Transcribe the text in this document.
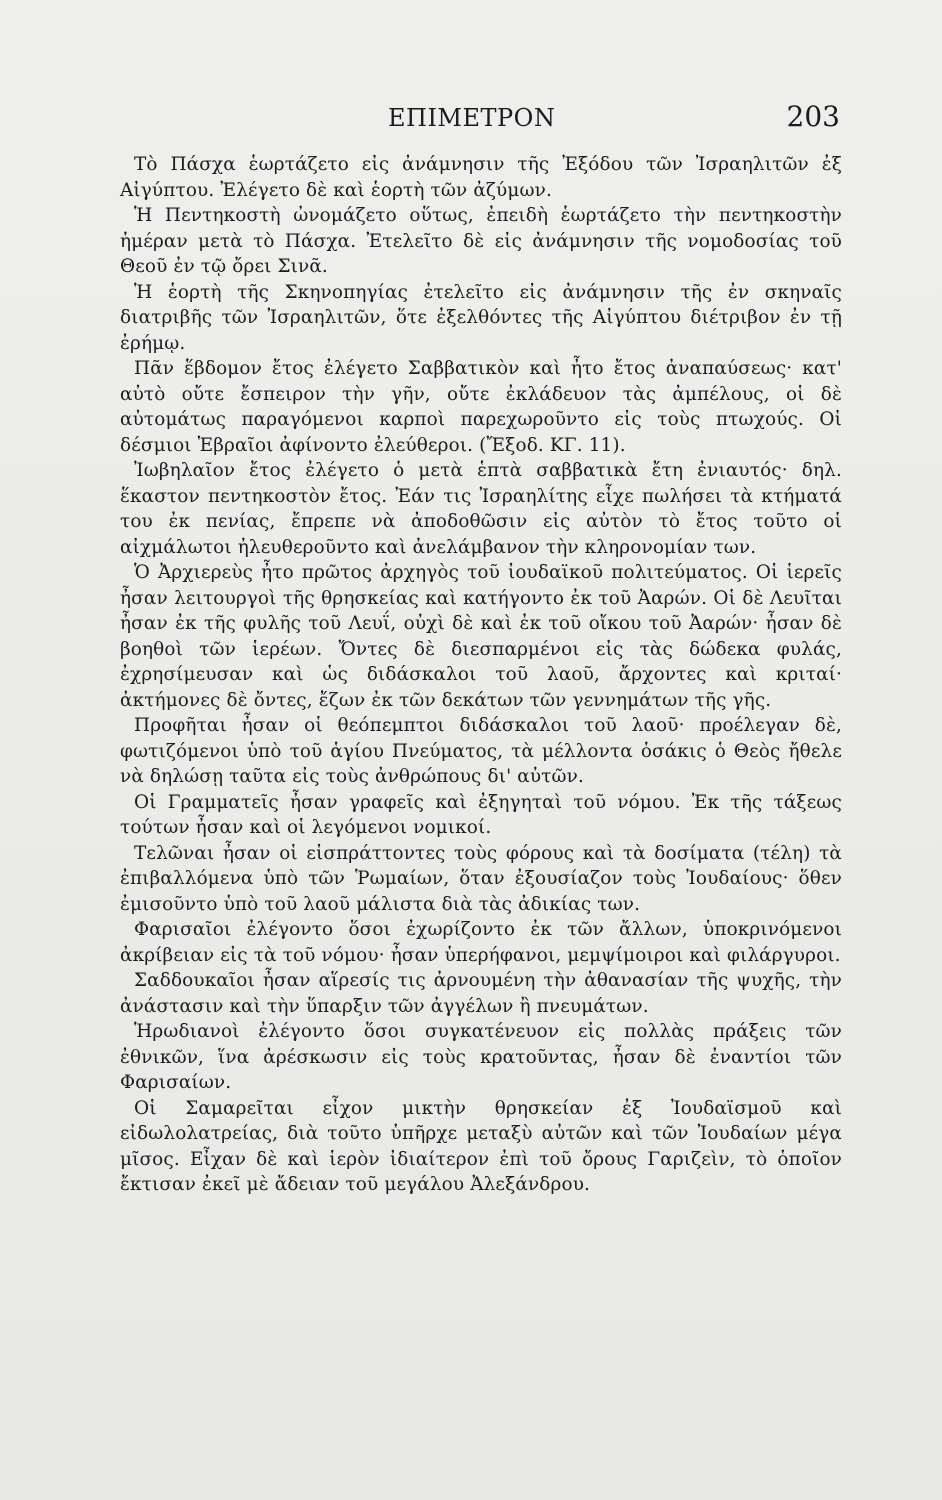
ΕΠΙΜΕΤΡΟΝ	203

Τὸ Πάσχα ἑωρτάζετο εἰς ἀνάμνησιν τῆς Ἐξόδου τῶν Ἰσραηλιτῶν ἐξ Αἰγύπτου. Ἐλέγετο δὲ καὶ ἑορτὴ τῶν ἀζύμων.

Ἡ Πεντηκοστὴ ὠνομάζετο οὕτως, ἐπειδὴ ἑωρτάζετο τὴν πεντηκοστὴν ἡμέραν μετὰ τὸ Πάσχα. Ἐτελεῖτο δὲ εἰς ἀνάμνησιν τῆς νομοδοσίας τοῦ Θεοῦ ἐν τῷ ὄρει Σινᾶ.

Ἡ ἑορτὴ τῆς Σκηνοπηγίας ἐτελεῖτο εἰς ἀνάμνησιν τῆς ἐν σκηναῖς διατριβῆς τῶν Ἰσραηλιτῶν, ὅτε ἐξελθόντες τῆς Αἰγύπτου διέτριβον ἐν τῇ ἐρήμῳ.

Πᾶν ἕβδομον ἔτος ἐλέγετο Σαββατικὸν καὶ ἦτο ἔτος ἀναπαύσεως· κατ' αὐτὸ οὔτε ἔσπειρον τὴν γῆν, οὔτε ἐκλάδευον τὰς ἀμπέλους, οἱ δὲ αὐτομάτως παραγόμενοι καρποὶ παρεχωροῦντο εἰς τοὺς πτωχούς. Οἱ δέσμιοι Ἑβραῖοι ἀφίνοντο ἐλεύθεροι. (Ἔξοδ. ΚΓ. 11).

Ἰωβηλαῖον ἔτος ἐλέγετο ὁ μετὰ ἑπτὰ σαββατικὰ ἔτη ἐνιαυτός· δηλ. ἕκαστον πεντηκοστὸν ἔτος. Ἐάν τις Ἰσραηλίτης εἶχε πωλήσει τὰ κτήματά του ἐκ πενίας, ἔπρεπε νὰ ἀποδοθῶσιν εἰς αὐτὸν τὸ ἔτος τοῦτο οἱ αἰχμάλωτοι ἠλευθεροῦντο καὶ ἀνελάμβανον τὴν κληρονομίαν των.

Ὁ Ἀρχιερεὺς ἦτο πρῶτος ἀρχηγὸς τοῦ ἰουδαϊκοῦ πολιτεύματος. Οἱ ἱερεῖς ἦσαν λειτουργοὶ τῆς θρησκείας καὶ κατήγοντο ἐκ τοῦ Ἀαρών. Οἱ δὲ Λευῖται ἦσαν ἐκ τῆς φυλῆς τοῦ Λευΐ, οὐχὶ δὲ καὶ ἐκ τοῦ οἴκου τοῦ Ἀαρών· ἦσαν δὲ βοηθοὶ τῶν ἱερέων. Ὄντες δὲ διεσπαρμένοι εἰς τὰς δώδεκα φυλάς, ἐχρησίμευσαν καὶ ὡς διδάσκαλοι τοῦ λαοῦ, ἄρχοντες καὶ κριταί· ἀκτήμονες δὲ ὄντες, ἔζων ἐκ τῶν δεκάτων τῶν γεννημάτων τῆς γῆς.

Προφῆται ἦσαν οἱ θεόπεμπτοι διδάσκαλοι τοῦ λαοῦ· προέλεγαν δὲ, φωτιζόμενοι ὑπὸ τοῦ ἁγίου Πνεύματος, τὰ μέλλοντα ὁσάκις ὁ Θεὸς ἤθελε νὰ δηλώσῃ ταῦτα εἰς τοὺς ἀνθρώπους δι' αὐτῶν.

Οἱ Γραμματεῖς ἦσαν γραφεῖς καὶ ἐξηγηταὶ τοῦ νόμου. Ἐκ τῆς τάξεως τούτων ἦσαν καὶ οἱ λεγόμενοι νομικοί.

Τελῶναι ἦσαν οἱ εἰσπράττοντες τοὺς φόρους καὶ τὰ δοσίματα (τέλη) τὰ ἐπιβαλλόμενα ὑπὸ τῶν Ῥωμαίων, ὅταν ἐξουσίαζον τοὺς Ἰουδαίους· ὅθεν ἐμισοῦντο ὑπὸ τοῦ λαοῦ μάλιστα διὰ τὰς ἀδικίας των.

Φαρισαῖοι ἐλέγοντο ὅσοι ἐχωρίζοντο ἐκ τῶν ἄλλων, ὑποκρινόμενοι ἀκρίβειαν εἰς τὰ τοῦ νόμου· ἦσαν ὑπερήφανοι, μεμψίμοιροι καὶ φιλάργυροι.

Σαδδουκαῖοι ἦσαν αἵρεσίς τις ἀρνουμένη τὴν ἀθανασίαν τῆς ψυχῆς, τὴν ἀνάστασιν καὶ τὴν ὕπαρξιν τῶν ἀγγέλων ἢ πνευμάτων.

Ἡρωδιανοὶ ἐλέγοντο ὅσοι συγκατένευον εἰς πολλὰς πράξεις τῶν ἐθνικῶν, ἵνα ἀρέσκωσιν εἰς τοὺς κρατοῦντας, ἦσαν δὲ ἐναντίοι τῶν Φαρισαίων.

Οἱ Σαμαρεῖται εἶχον μικτὴν θρησκείαν ἐξ Ἰουδαϊσμοῦ καὶ εἰδωλολατρείας, διὰ τοῦτο ὑπῆρχε μεταξὺ αὐτῶν καὶ τῶν Ἰουδαίων μέγα μῖσος. Εἶχαν δὲ καὶ ἱερὸν ἰδιαίτερον ἐπὶ τοῦ ὄρους Γαριζεὶν, τὸ ὁποῖον ἔκτισαν ἐκεῖ μὲ ἄδειαν τοῦ μεγάλου Ἀλεξάνδρου.
